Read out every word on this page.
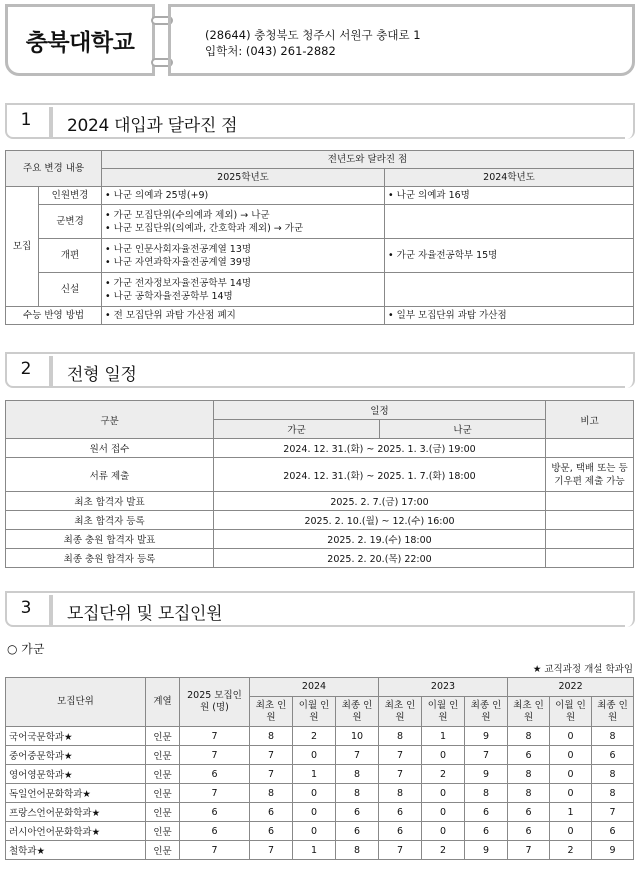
충북대학교	(28644) 충청북도 청주시 서원구 충대로 1
입학처: (043) 261-2882
1	2024 대입과 달라진 점
주요 변경 내용		전년도와 달라진 점	
		2025학년도	2024학년도
모집	인원변경	• 나군 의예과 25명(+9)	• 나군 의예과 16명

	군변경	• 가군 모집단위(수의예과 제외) → 나군
• 나군 모집단위(의예과, 간호학과 제외) → 가군	

	개편	• 나군 인문사회자율전공계열 13명
• 나군 자연과학자율전공계열 39명	• 가군 자율전공학부 15명

	신설	• 가군 전자정보자율전공학부 14명
• 나군 공학자율전공학부 14명	

수능 반영 방법		• 전 모집단위 과탐 가산점 폐지	• 일부 모집단위 과탐 가산점
2	전형 일정
구분	일정		비고
	가군	나군	
원서 접수	2024. 12. 31.(화) ~ 2025. 1. 3.(금) 19:00		
서류 제출	2024. 12. 31.(화) ~ 2025. 1. 7.(화) 18:00		방문, 택배 또는 등기우편 제출 가능
최초 합격자 발표	2025. 2. 7.(금) 17:00		
최초 합격자 등록	2025. 2. 10.(월) ~ 12.(수) 16:00		
최종 충원 합격자 발표	2025. 2. 19.(수) 18:00		
최종 충원 합격자 등록	2025. 2. 20.(목) 22:00		
3	모집단위 및 모집인원
○ 가군
★ 교직과정 개설 학과임
모집단위	계열	2025 모집인원 (명)	2024			2023			2022		
			최초 인원	이월 인원	최종 인원	최초 인원	이월 인원	최종 인원	최초 인원	이월 인원	최종 인원
국어국문학과★	인문	7	8	2	10	8	1	9	8	0	8
중어중문학과★	인문	7	7	0	7	7	0	7	6	0	6
영어영문학과★	인문	6	7	1	8	7	2	9	8	0	8
독일언어문화학과★	인문	7	8	0	8	8	0	8	8	0	8
프랑스언어문화학과★	인문	6	6	0	6	6	0	6	6	1	7
러시아언어문화학과★	인문	6	6	0	6	6	0	6	6	0	6
철학과★	인문	7	7	1	8	7	2	9	7	2	9
